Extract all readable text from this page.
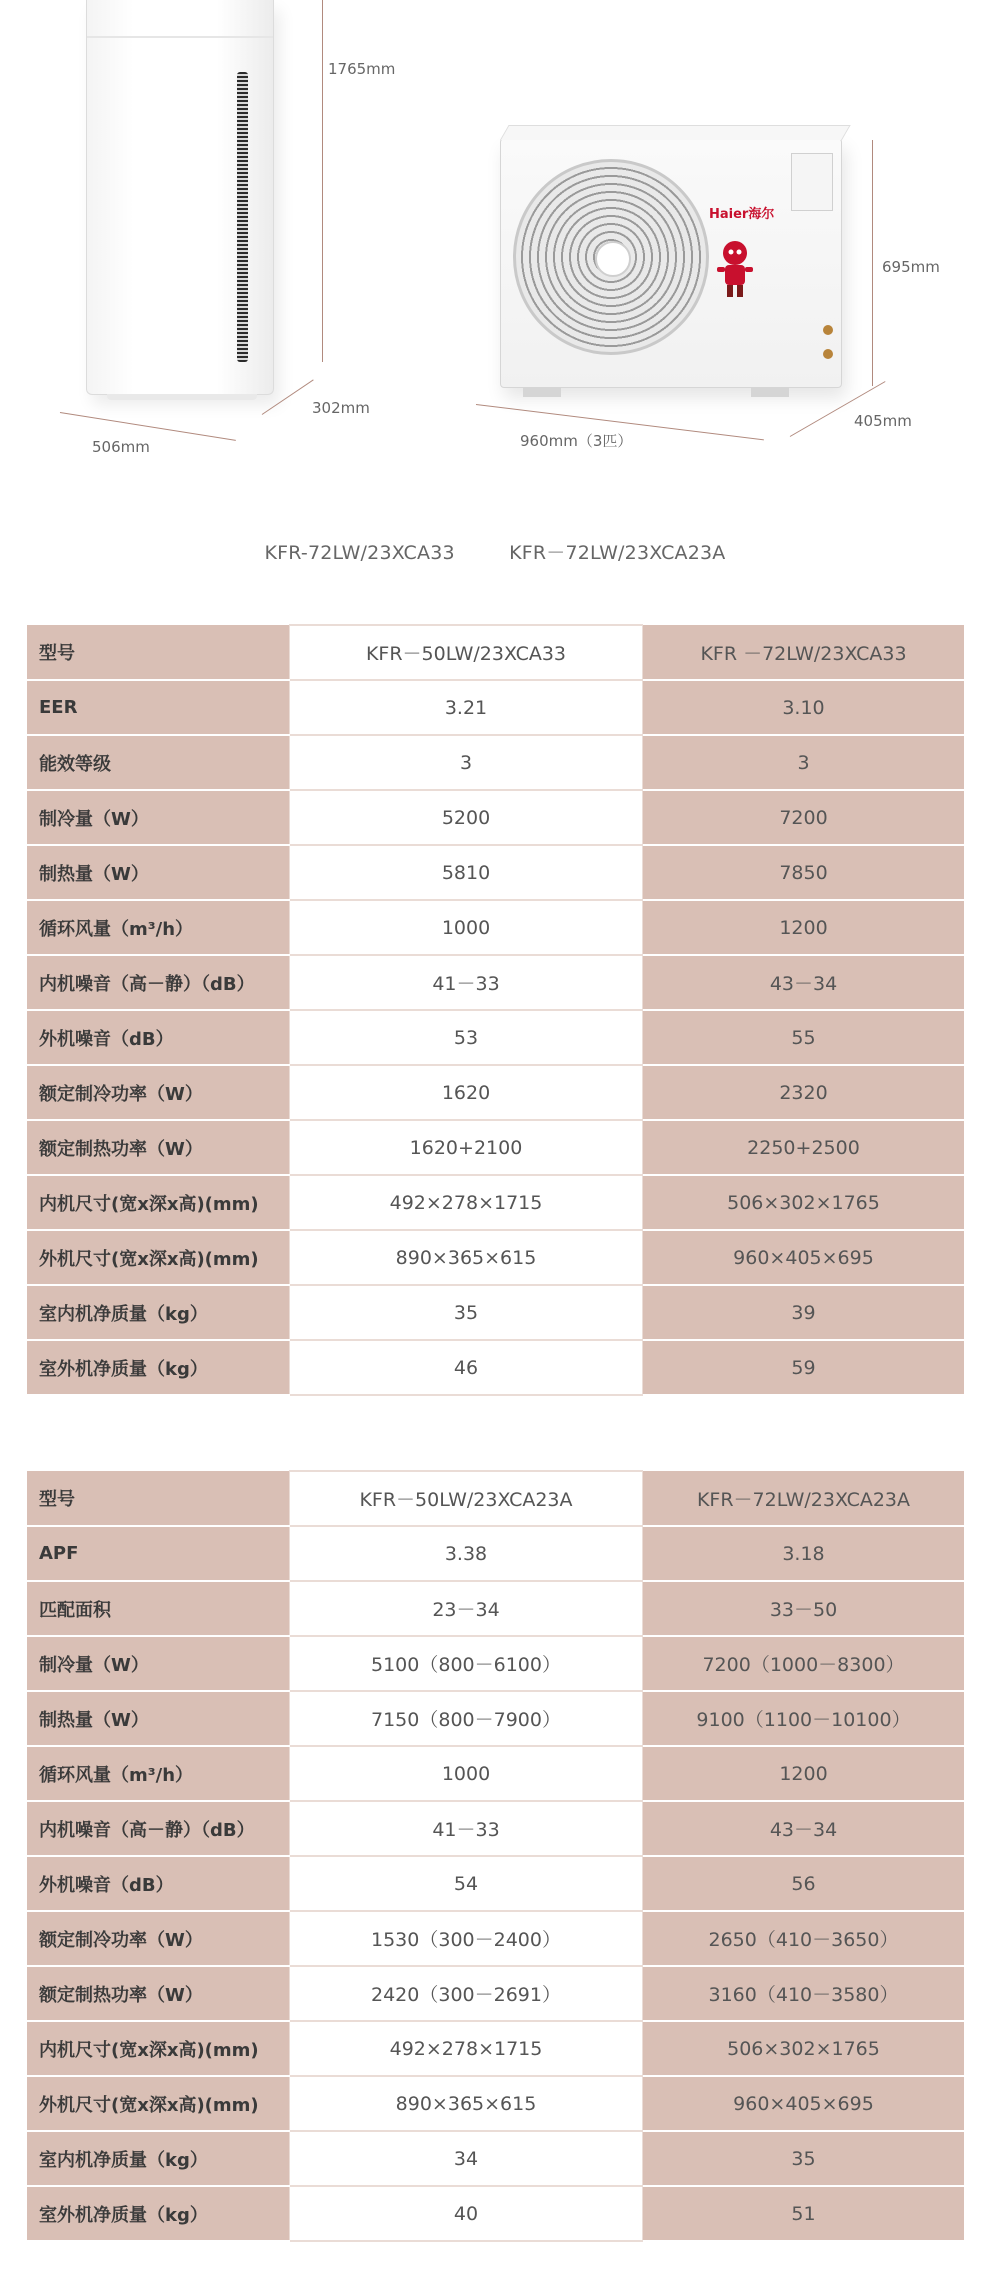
1765mm
506mm
302mm
Haier海尔
695mm
960mm（3匹）
405mm
KFR-72LW/23XCA33	KFR－72LW/23XCA23A
型号	KFR－50LW/23XCA33	KFR －72LW/23XCA33
EER	3.21	3.10
能效等级	3	3
制冷量（W）	5200	7200
制热量（W）	5810	7850
循环风量（m³/h）	1000	1200
内机噪音（高－静）（dB）	41－33	43－34
外机噪音（dB）	53	55
额定制冷功率（W）	1620	2320
额定制热功率（W）	1620+2100	2250+2500
内机尺寸(宽x深x高)(mm)	492×278×1715	506×302×1765
外机尺寸(宽x深x高)(mm)	890×365×615	960×405×695
室内机净质量（kg）	35	39
室外机净质量（kg）	46	59
型号	KFR－50LW/23XCA23A	KFR－72LW/23XCA23A
APF	3.38	3.18
匹配面积	23－34	33－50
制冷量（W）	5100（800－6100）	7200（1000－8300）
制热量（W）	7150（800－7900）	9100（1100－10100）
循环风量（m³/h）	1000	1200
内机噪音（高－静）（dB）	41－33	43－34
外机噪音（dB）	54	56
额定制冷功率（W）	1530（300－2400）	2650（410－3650）
额定制热功率（W）	2420（300－2691）	3160（410－3580）
内机尺寸(宽x深x高)(mm)	492×278×1715	506×302×1765
外机尺寸(宽x深x高)(mm)	890×365×615	960×405×695
室内机净质量（kg）	34	35
室外机净质量（kg）	40	51
